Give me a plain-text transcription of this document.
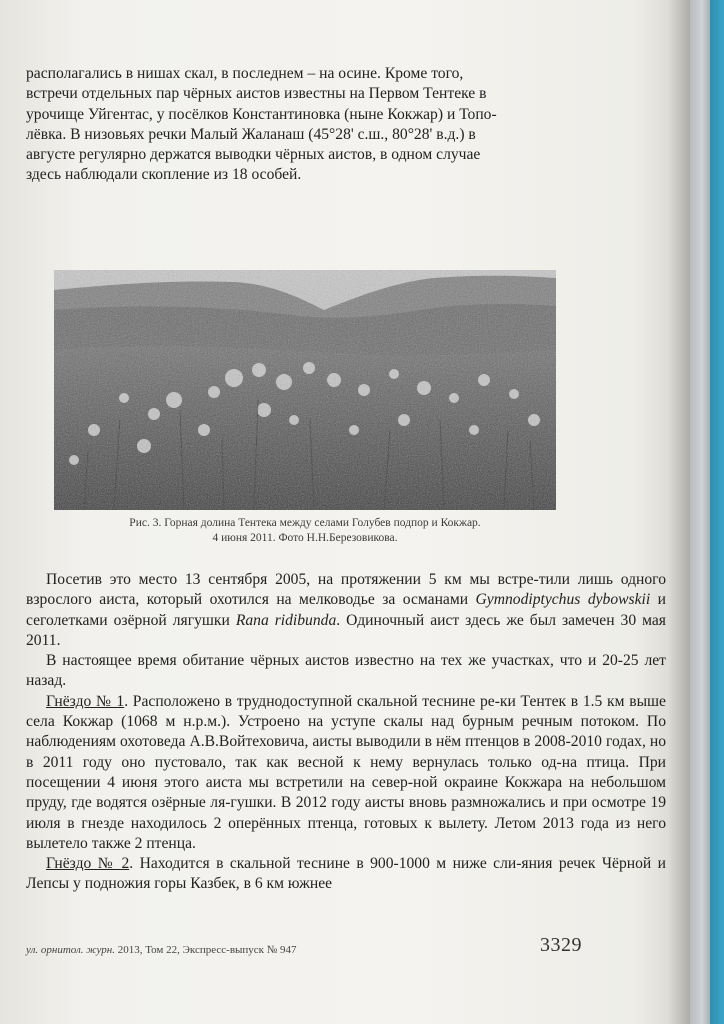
располагались в нишах скал, в последнем – на осине. Кроме того,

встречи отдельных пар чёрных аистов известны на Первом Тентеке в

урочище Уйгентас, у посёлков Константиновка (ныне Кокжар) и Топо-

лёвка. В низовьях речки Малый Жаланаш (45°28' с.ш., 80°28' в.д.) в

августе регулярно держатся выводки чёрных аистов, в одном случае

здесь наблюдали скопление из 18 особей.

Рис. 3. Горная долина Тентека между селами Голубев подпор и Кокжар.
4 июня 2011. Фото Н.Н.Березовикова.

Посетив это место 13 сентября 2005, на протяжении 5 км мы встре-тили лишь одного взрослого аиста, который охотился на мелководье за османами Gymnodiptychus dybowskii и сеголетками озёрной лягушки Rana ridibunda. Одиночный аист здесь же был замечен 30 мая 2011.

В настоящее время обитание чёрных аистов известно на тех же участках, что и 20-25 лет назад.

Гнёздо № 1. Расположено в труднодоступной скальной теснине ре-ки Тентек в 1.5 км выше села Кокжар (1068 м н.р.м.). Устроено на уступе скалы над бурным речным потоком. По наблюдениям охотоведа А.В.Войтеховича, аисты выводили в нём птенцов в 2008-2010 годах, но в 2011 году оно пустовало, так как весной к нему вернулась только од-на птица. При посещении 4 июня этого аиста мы встретили на север-ной окраине Кокжара на небольшом пруду, где водятся озёрные ля-гушки. В 2012 году аисты вновь размножались и при осмотре 19 июля в гнезде находилось 2 оперённых птенца, готовых к вылету. Летом 2013 года из него вылетело также 2 птенца.

Гнёздо № 2. Находится в скальной теснине в 900-1000 м ниже сли-яния речек Чёрной и Лепсы у подножия горы Казбек, в 6 км южнее

ул. орнитол. журн. 2013, Том 22, Экспресс-выпуск № 947	3329
